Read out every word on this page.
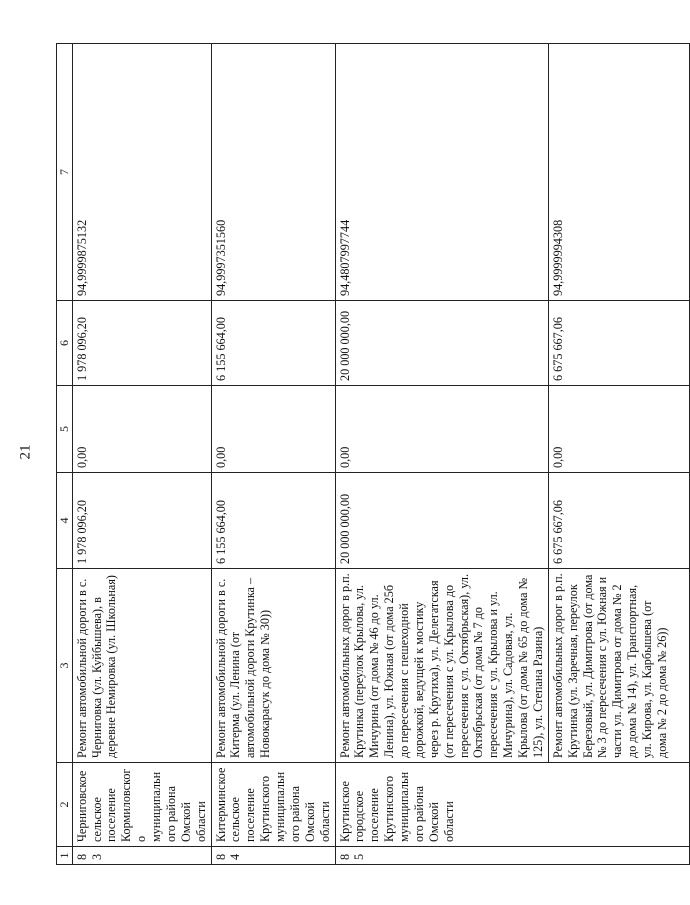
21
1	2	3	4	5	6	7
83	Черниговское сельское поселение Кормиловского муниципального района Омской области	Ремонт автомобильной дороги в с. Черниговка (ул. Куйбышева), в деревне Немировка (ул. Школьная)	1 978 096,20	0,00	1 978 096,20	94,9999875132
84	Китерминское сельское поселение Крутинского муниципального района Омской области	Ремонт автомобильной дороги в с. Китерма (ул. Ленина (от автомобильной дороги Крутинка – Новокарасук до дома № 30))	6 155 664,00	0,00	6 155 664,00	94,9997351560
85	Крутинское городское поселение Крутинского муниципального района Омской области	Ремонт автомобильных дорог в р.п. Крутинка (переулок Крылова, ул. Мичурина (от дома № 46 до ул. Ленина), ул. Южная (от дома 25б до пересечения с пешеходной дорожкой, ведущей к мостику через р. Крутиха), ул. Делегатская (от пересечения с ул. Крылова до пересечения с ул. Октябрьская), ул. Октябрьская (от дома № 7 до пересечения с ул. Крылова и ул. Мичурина), ул. Садовая, ул. Крылова (от дома № 65 до дома № 125), ул. Степана Разина)	20 000 000,00	0,00	20 000 000,00	94,4807997744
		Ремонт автомобильных дорог в р.п. Крутинка (ул. Заречная, переулок Березовый, ул. Димитрова (от дома № 3 до пересечения с ул. Южная и части ул. Димитрова от дома № 2 до дома № 14), ул. Транспортная, ул. Кирова, ул. Карбышева (от дома № 2 до дома № 26))	6 675 667,06	0,00	6 675 667,06	94,9999994308
